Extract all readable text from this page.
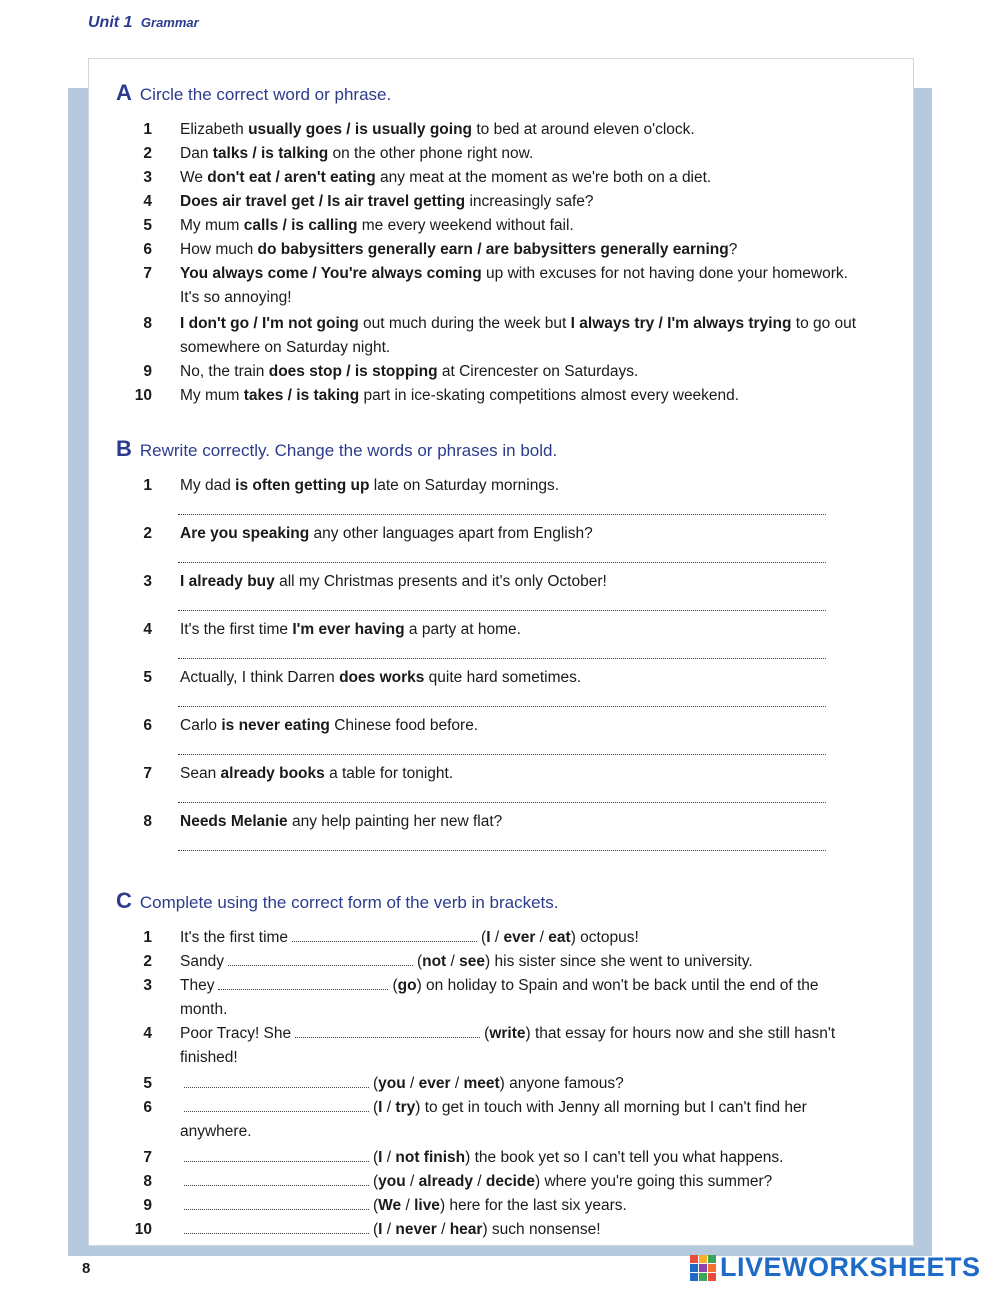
Unit 1 Grammar
A Circle the correct word or phrase.
1 Elizabeth usually goes / is usually going to bed at around eleven o'clock.
2 Dan talks / is talking on the other phone right now.
3 We don't eat / aren't eating any meat at the moment as we're both on a diet.
4 Does air travel get / Is air travel getting increasingly safe?
5 My mum calls / is calling me every weekend without fail.
6 How much do babysitters generally earn / are babysitters generally earning?
7 You always come / You're always coming up with excuses for not having done your homework. It's so annoying!
8 I don't go / I'm not going out much during the week but I always try / I'm always trying to go out somewhere on Saturday night.
9 No, the train does stop / is stopping at Cirencester on Saturdays.
10 My mum takes / is taking part in ice-skating competitions almost every weekend.
B Rewrite correctly. Change the words or phrases in bold.
1 My dad is often getting up late on Saturday mornings.
2 Are you speaking any other languages apart from English?
3 I already buy all my Christmas presents and it's only October!
4 It's the first time I'm ever having a party at home.
5 Actually, I think Darren does works quite hard sometimes.
6 Carlo is never eating Chinese food before.
7 Sean already books a table for tonight.
8 Needs Melanie any help painting her new flat?
C Complete using the correct form of the verb in brackets.
1 It's the first time	(I / ever / eat) octopus!
2 Sandy	(not / see) his sister since she went to university.
3 They	(go) on holiday to Spain and won't be back until the end of the month.
4 Poor Tracy! She	(write) that essay for hours now and she still hasn't finished!
5	(you / ever / meet) anyone famous?
6	(I / try) to get in touch with Jenny all morning but I can't find her anywhere.
7	(I / not finish) the book yet so I can't tell you what happens.
8	(you / already / decide) where you're going this summer?
9	(We / live) here for the last six years.
10	(I / never / hear) such nonsense!
8	LIVEWORKSHEETS
